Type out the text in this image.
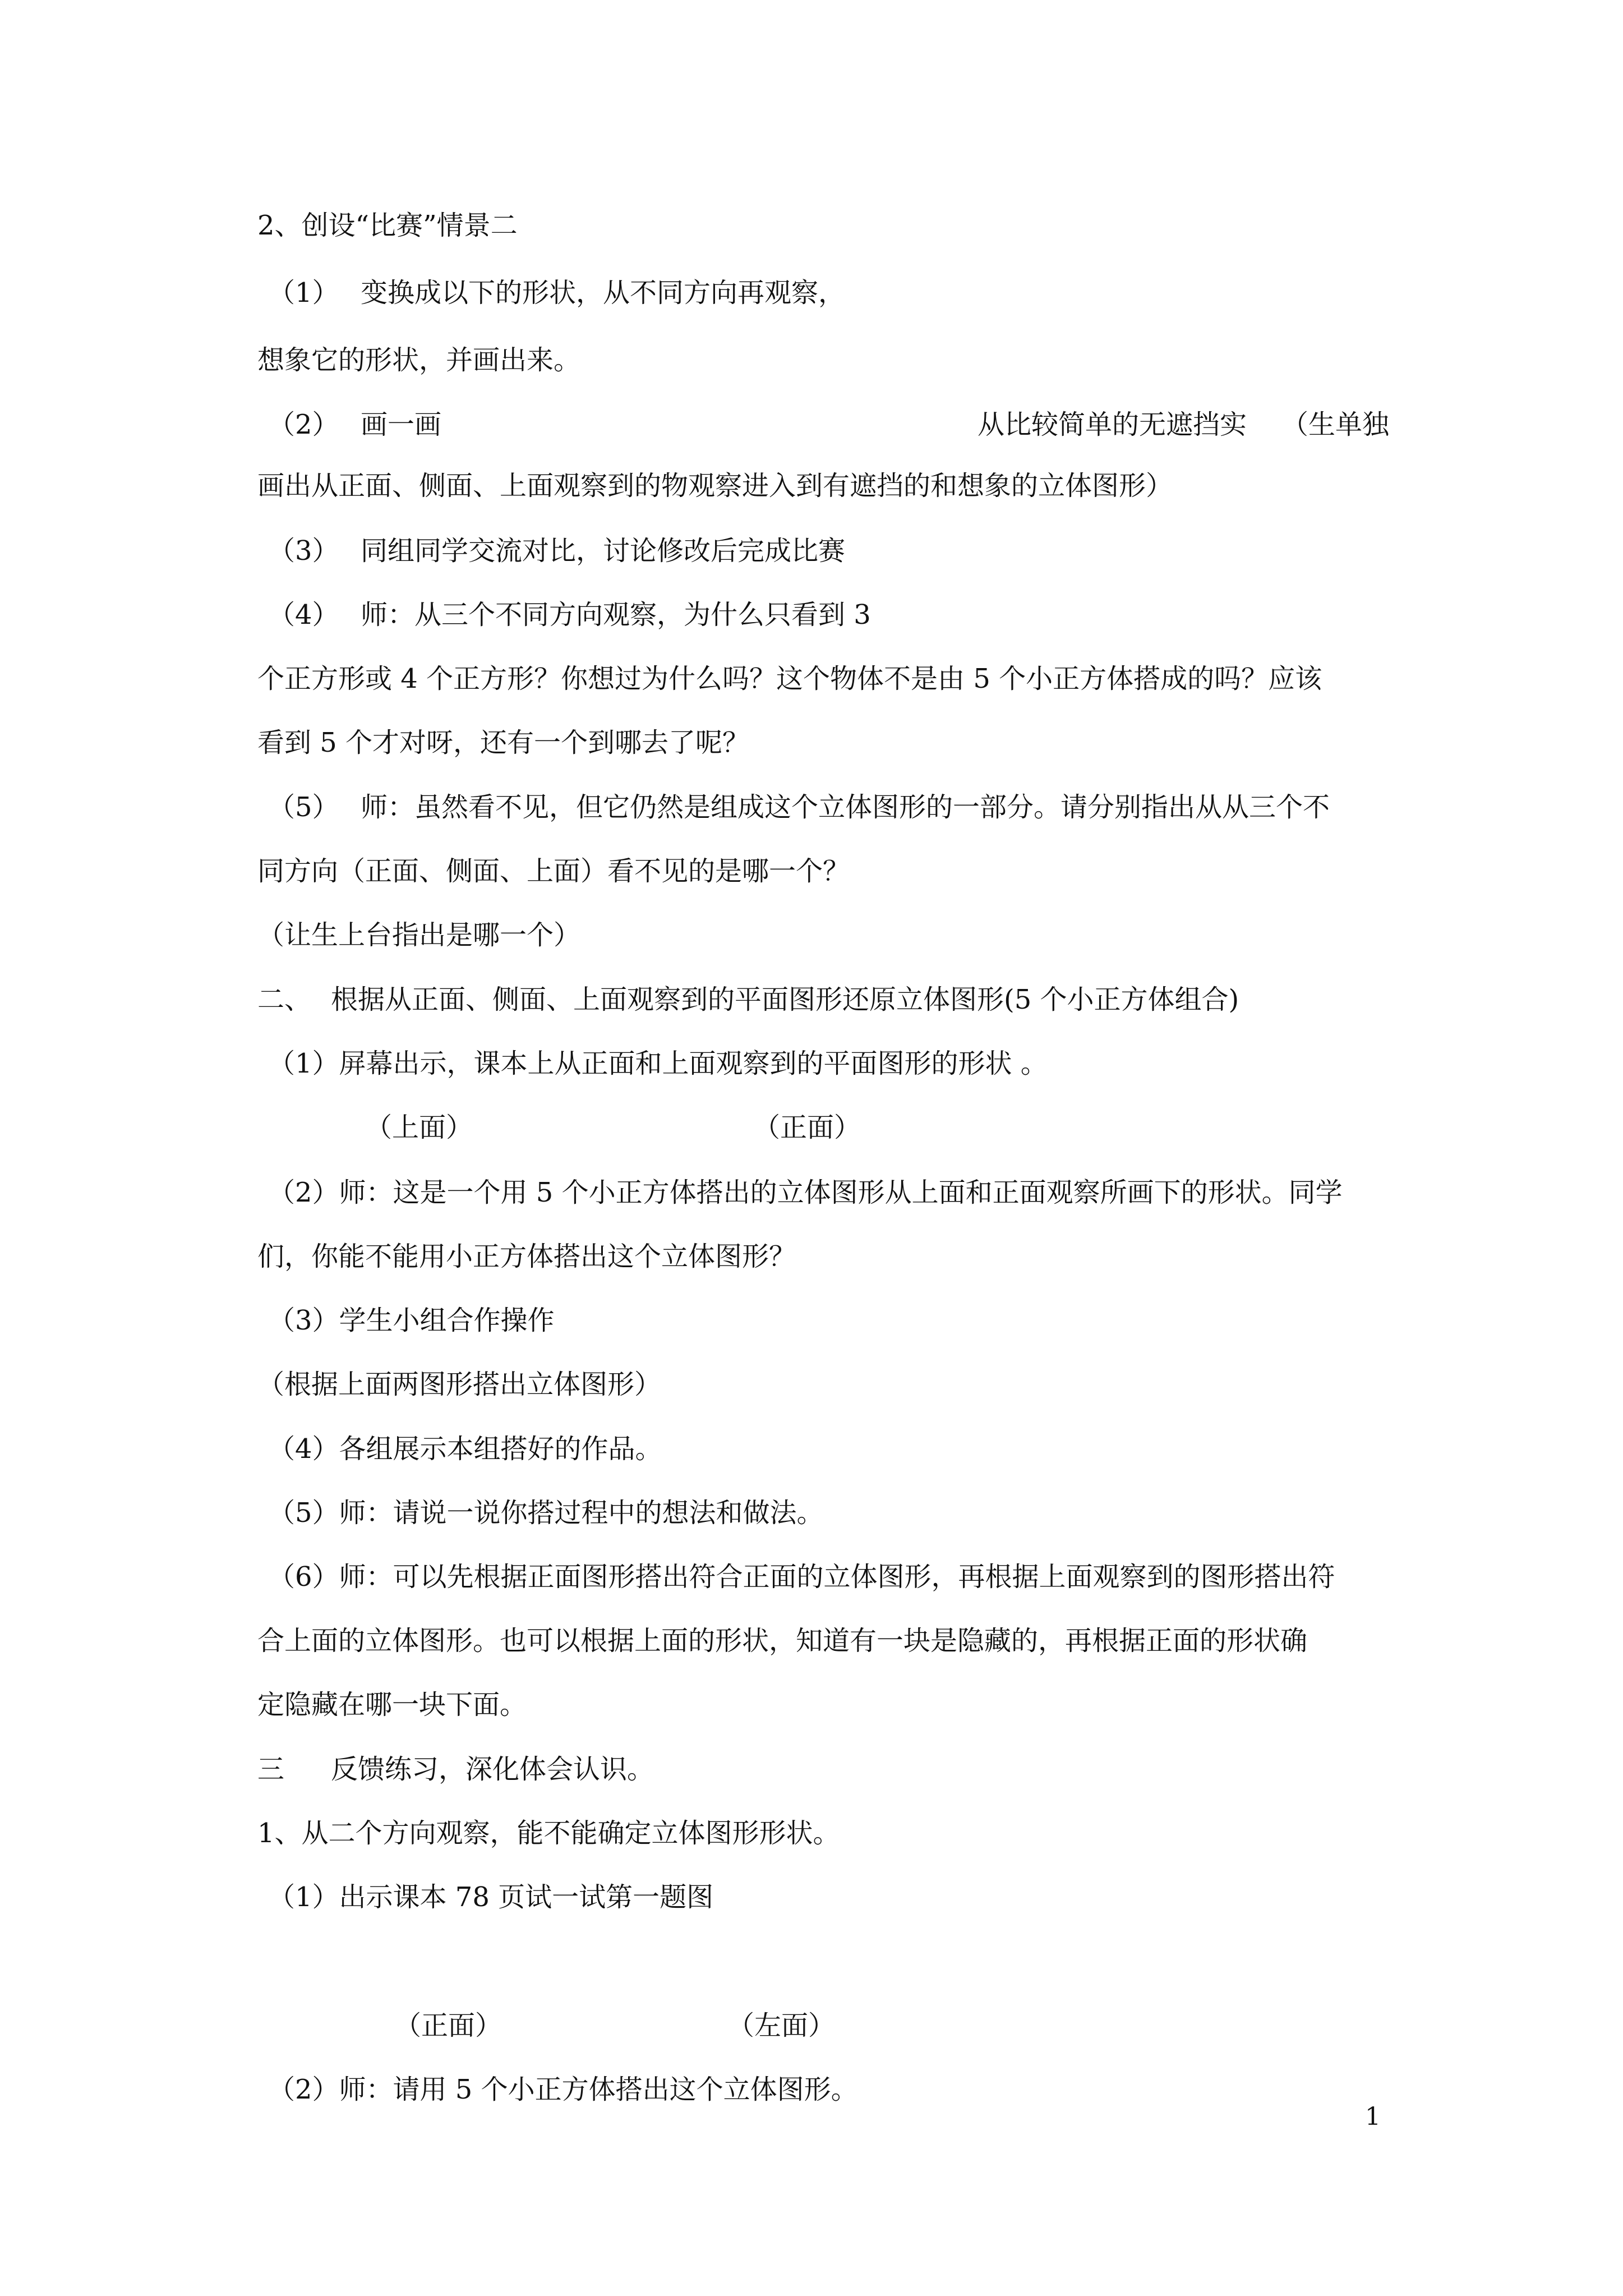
1
2、创设“比赛”情景二
（1） 变换成以下的形状，从不同方向再观察，
想象它的形状，并画出来。
（2） 画一画	从比较简单的无遮挡实 （生单独
画出从正面、侧面、上面观察到的物观察进入到有遮挡的和想象的立体图形）
（3） 同组同学交流对比，讨论修改后完成比赛
（4） 师：从三个不同方向观察，为什么只看到 3
个正方形或 4 个正方形？你想过为什么吗？这个物体不是由 5 个小正方体搭成的吗？应该
看到 5 个才对呀，还有一个到哪去了呢？
（5） 师：虽然看不见，但它仍然是组成这个立体图形的一部分。请分别指出从从三个不
同方向（正面、侧面、上面）看不见的是哪一个？
（让生上台指出是哪一个）
二、 根据从正面、侧面、上面观察到的平面图形还原立体图形(5 个小正方体组合)
（1）屏幕出示，课本上从正面和上面观察到的平面图形的形状 。
（上面）	（正面）
（2）师：这是一个用 5 个小正方体搭出的立体图形从上面和正面观察所画下的形状。同学
们，你能不能用小正方体搭出这个立体图形？
（3）学生小组合作操作
（根据上面两图形搭出立体图形）
（4）各组展示本组搭好的作品。
（5）师：请说一说你搭过程中的想法和做法。
（6）师：可以先根据正面图形搭出符合正面的立体图形，再根据上面观察到的图形搭出符
合上面的立体图形。也可以根据上面的形状，知道有一块是隐藏的，再根据正面的形状确
定隐藏在哪一块下面。
三 反馈练习，深化体会认识。
1、从二个方向观察，能不能确定立体图形形状。
（1）出示课本 78 页试一试第一题图
（正面）	（左面）
（2）师：请用 5 个小正方体搭出这个立体图形。
